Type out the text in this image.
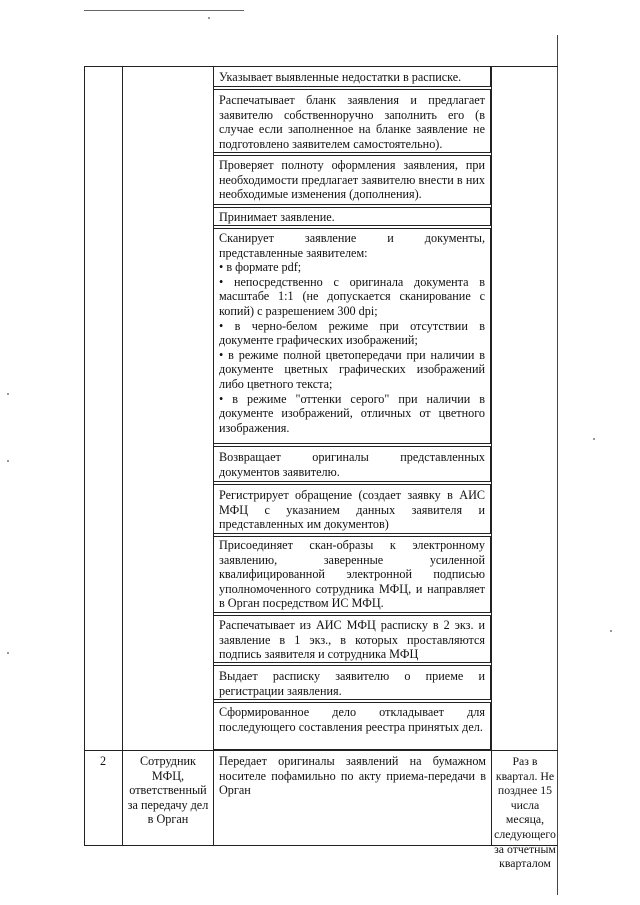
Указывает выявленные недостатки в расписке.
Распечатывает бланк заявления и предлагает заявителю собственноручно заполнить его (в случае если заполненное на бланке заявление не подготовлено заявителем самостоятельно).
Проверяет полноту оформления заявления, при необходимости предлагает заявителю внести в них необходимые изменения (дополнения).
Принимает заявление.
Сканирует заявление и документы, представленные заявителем:
• в формате pdf;
• непосредственно с оригинала документа в масштабе 1:1 (не допускается сканирование с копий) с разрешением 300 dpi;
• в черно-белом режиме при отсутствии в документе графических изображений;
• в режиме полной цветопередачи при наличии в документе цветных графических изображений либо цветного текста;
• в режиме "оттенки серого" при наличии в документе изображений, отличных от цветного изображения.
Возвращает оригиналы представленных документов заявителю.
Регистрирует обращение (создает заявку в АИС МФЦ с указанием данных заявителя и представленных им документов)
Присоединяет скан-образы к электронному заявлению, заверенные усиленной квалифицированной электронной подписью уполномоченного сотрудника МФЦ, и направляет в Орган посредством ИС МФЦ.
Распечатывает из АИС МФЦ расписку в 2 экз. и заявление в 1 экз., в которых проставляются подпись заявителя и сотрудника МФЦ
Выдает расписку заявителю о приеме и регистрации заявления.
Сформированное дело откладывает для последующего составления реестра принятых дел.
2	Сотрудник МФЦ, ответственный за передачу дел в Орган
Передает оригиналы заявлений на бумажном носителе пофамильно по акту приема-передачи в Орган
Раз в квартал. Не позднее 15 числа месяца, следующего за отчетным кварталом
